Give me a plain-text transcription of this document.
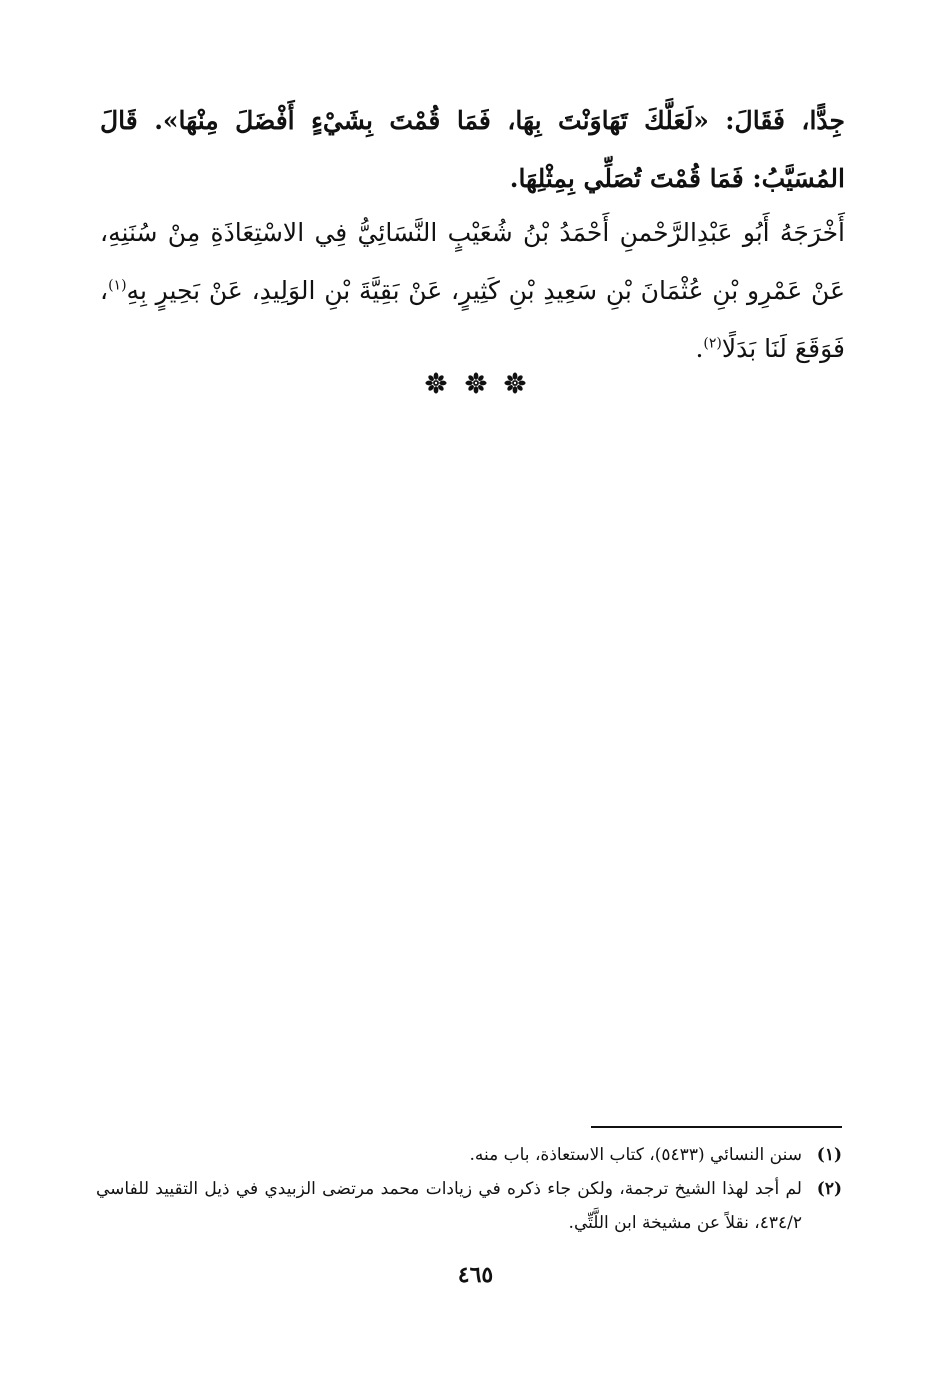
جِدًّا، فَقَالَ: «لَعَلَّكَ تَهَاوَنْتَ بِهَا، فَمَا قُمْتَ بِشَيْءٍ أَفْضَلَ مِنْهَا». قَالَ المُسَيَّبُ: فَمَا قُمْتَ تُصَلِّي بِمِثْلِهَا.

أَخْرَجَهُ أَبُو عَبْدِالرَّحْمنِ أَحْمَدُ بْنُ شُعَيْبٍ النَّسَائِيُّ فِي الاسْتِعَاذَةِ مِنْ سُنَنِهِ، عَنْ عَمْرِو بْنِ عُثْمَانَ بْنِ سَعِيدِ بْنِ كَثِيرٍ، عَنْ بَقِيَّةَ بْنِ الوَلِيدِ، عَنْ بَحِيرٍ بِهِ$^{(١)}$، فَوَقَعَ لَنَا بَدَلًا$^{(٢)}$.

(١)
سنن النسائي (٥٤٣٣)، كتاب الاستعاذة، باب منه.
(٢)
لم أجد لهذا الشيخ ترجمة، ولكن جاء ذكره في زيادات محمد مرتضى الزبيدي في ذيل التقييد للفاسي ٤٣٤/٢، نقلاً عن مشيخة ابن اللَّتِّي.
٤٦٥
